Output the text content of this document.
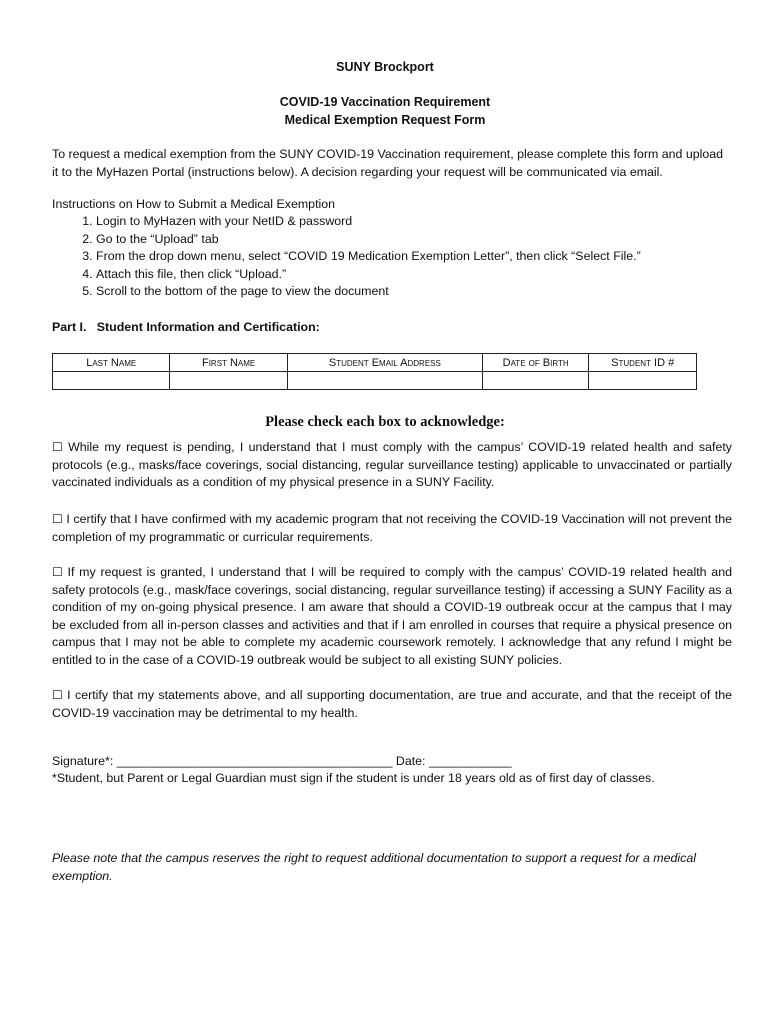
SUNY Brockport
COVID-19 Vaccination Requirement
Medical Exemption Request Form
To request a medical exemption from the SUNY COVID-19 Vaccination requirement, please complete this form and upload it to the MyHazen Portal (instructions below). A decision regarding your request will be communicated via email.
Instructions on How to Submit a Medical Exemption
1. Login to MyHazen with your NetID & password
2. Go to the “Upload” tab
3. From the drop down menu, select “COVID 19 Medication Exemption Letter”, then click “Select File.”
4. Attach this file, then click “Upload.”
5. Scroll to the bottom of the page to view the document
Part I. Student Information and Certification:
Last Name	First Name	Student Email Address	Date of Birth	Student ID #

Please check each box to acknowledge:
☐ While my request is pending, I understand that I must comply with the campus’ COVID-19 related health and safety protocols (e.g., masks/face coverings, social distancing, regular surveillance testing) applicable to unvaccinated or partially vaccinated individuals as a condition of my physical presence in a SUNY Facility.
☐ I certify that I have confirmed with my academic program that not receiving the COVID-19 Vaccination will not prevent the completion of my programmatic or curricular requirements.
☐ If my request is granted, I understand that I will be required to comply with the campus’ COVID-19 related health and safety protocols (e.g., mask/face coverings, social distancing, regular surveillance testing) if accessing a SUNY Facility as a condition of my on-going physical presence. I am aware that should a COVID-19 outbreak occur at the campus that I may be excluded from all in-person classes and activities and that if I am enrolled in courses that require a physical presence on campus that I may not be able to complete my academic coursework remotely. I acknowledge that any refund I might be entitled to in the case of a COVID-19 outbreak would be subject to all existing SUNY policies.
☐ I certify that my statements above, and all supporting documentation, are true and accurate, and that the receipt of the COVID-19 vaccination may be detrimental to my health.
Signature*: ________________________________________ Date: ____________
*Student, but Parent or Legal Guardian must sign if the student is under 18 years old as of first day of classes.
Please note that the campus reserves the right to request additional documentation to support a request for a medical exemption.
